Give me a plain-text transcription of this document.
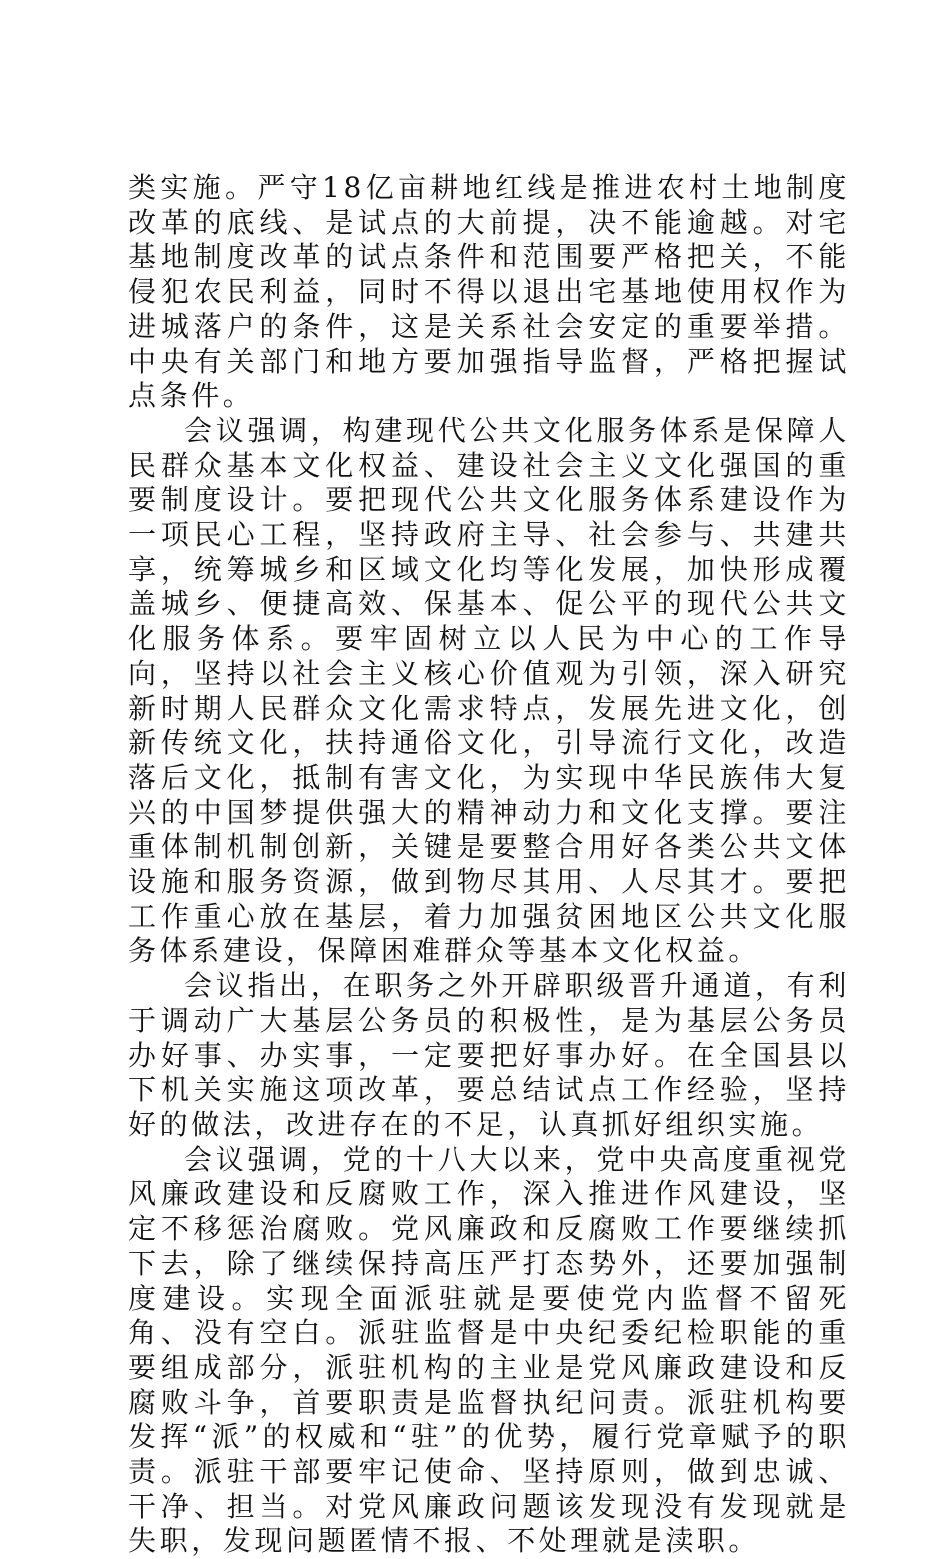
类实施。严守18亿亩耕地红线是推进农村土地制度改革的底线、是试点的大前提，决不能逾越。对宅基地制度改革的试点条件和范围要严格把关，不能侵犯农民利益，同时不得以退出宅基地使用权作为进城落户的条件，这是关系社会安定的重要举措。中央有关部门和地方要加强指导监督，严格把握试点条件。

会议强调，构建现代公共文化服务体系是保障人民群众基本文化权益、建设社会主义文化强国的重要制度设计。要把现代公共文化服务体系建设作为一项民心工程，坚持政府主导、社会参与、共建共享，统筹城乡和区域文化均等化发展，加快形成覆盖城乡、便捷高效、保基本、促公平的现代公共文化服务体系。要牢固树立以人民为中心的工作导向，坚持以社会主义核心价值观为引领，深入研究新时期人民群众文化需求特点，发展先进文化，创新传统文化，扶持通俗文化，引导流行文化，改造落后文化，抵制有害文化，为实现中华民族伟大复兴的中国梦提供强大的精神动力和文化支撑。要注重体制机制创新，关键是要整合用好各类公共文体设施和服务资源，做到物尽其用、人尽其才。要把工作重心放在基层，着力加强贫困地区公共文化服务体系建设，保障困难群众等基本文化权益。

会议指出，在职务之外开辟职级晋升通道，有利于调动广大基层公务员的积极性，是为基层公务员办好事、办实事，一定要把好事办好。在全国县以下机关实施这项改革，要总结试点工作经验，坚持好的做法，改进存在的不足，认真抓好组织实施。

会议强调，党的十八大以来，党中央高度重视党风廉政建设和反腐败工作，深入推进作风建设，坚定不移惩治腐败。党风廉政和反腐败工作要继续抓下去，除了继续保持高压严打态势外，还要加强制度建设。实现全面派驻就是要使党内监督不留死角、没有空白。派驻监督是中央纪委纪检职能的重要组成部分，派驻机构的主业是党风廉政建设和反腐败斗争，首要职责是监督执纪问责。派驻机构要发挥“派”的权威和“驻”的优势，履行党章赋予的职责。派驻干部要牢记使命、坚持原则，做到忠诚、干净、担当。对党风廉政问题该发现没有发现就是失职，发现问题匿情不报、不处理就是渎职。
